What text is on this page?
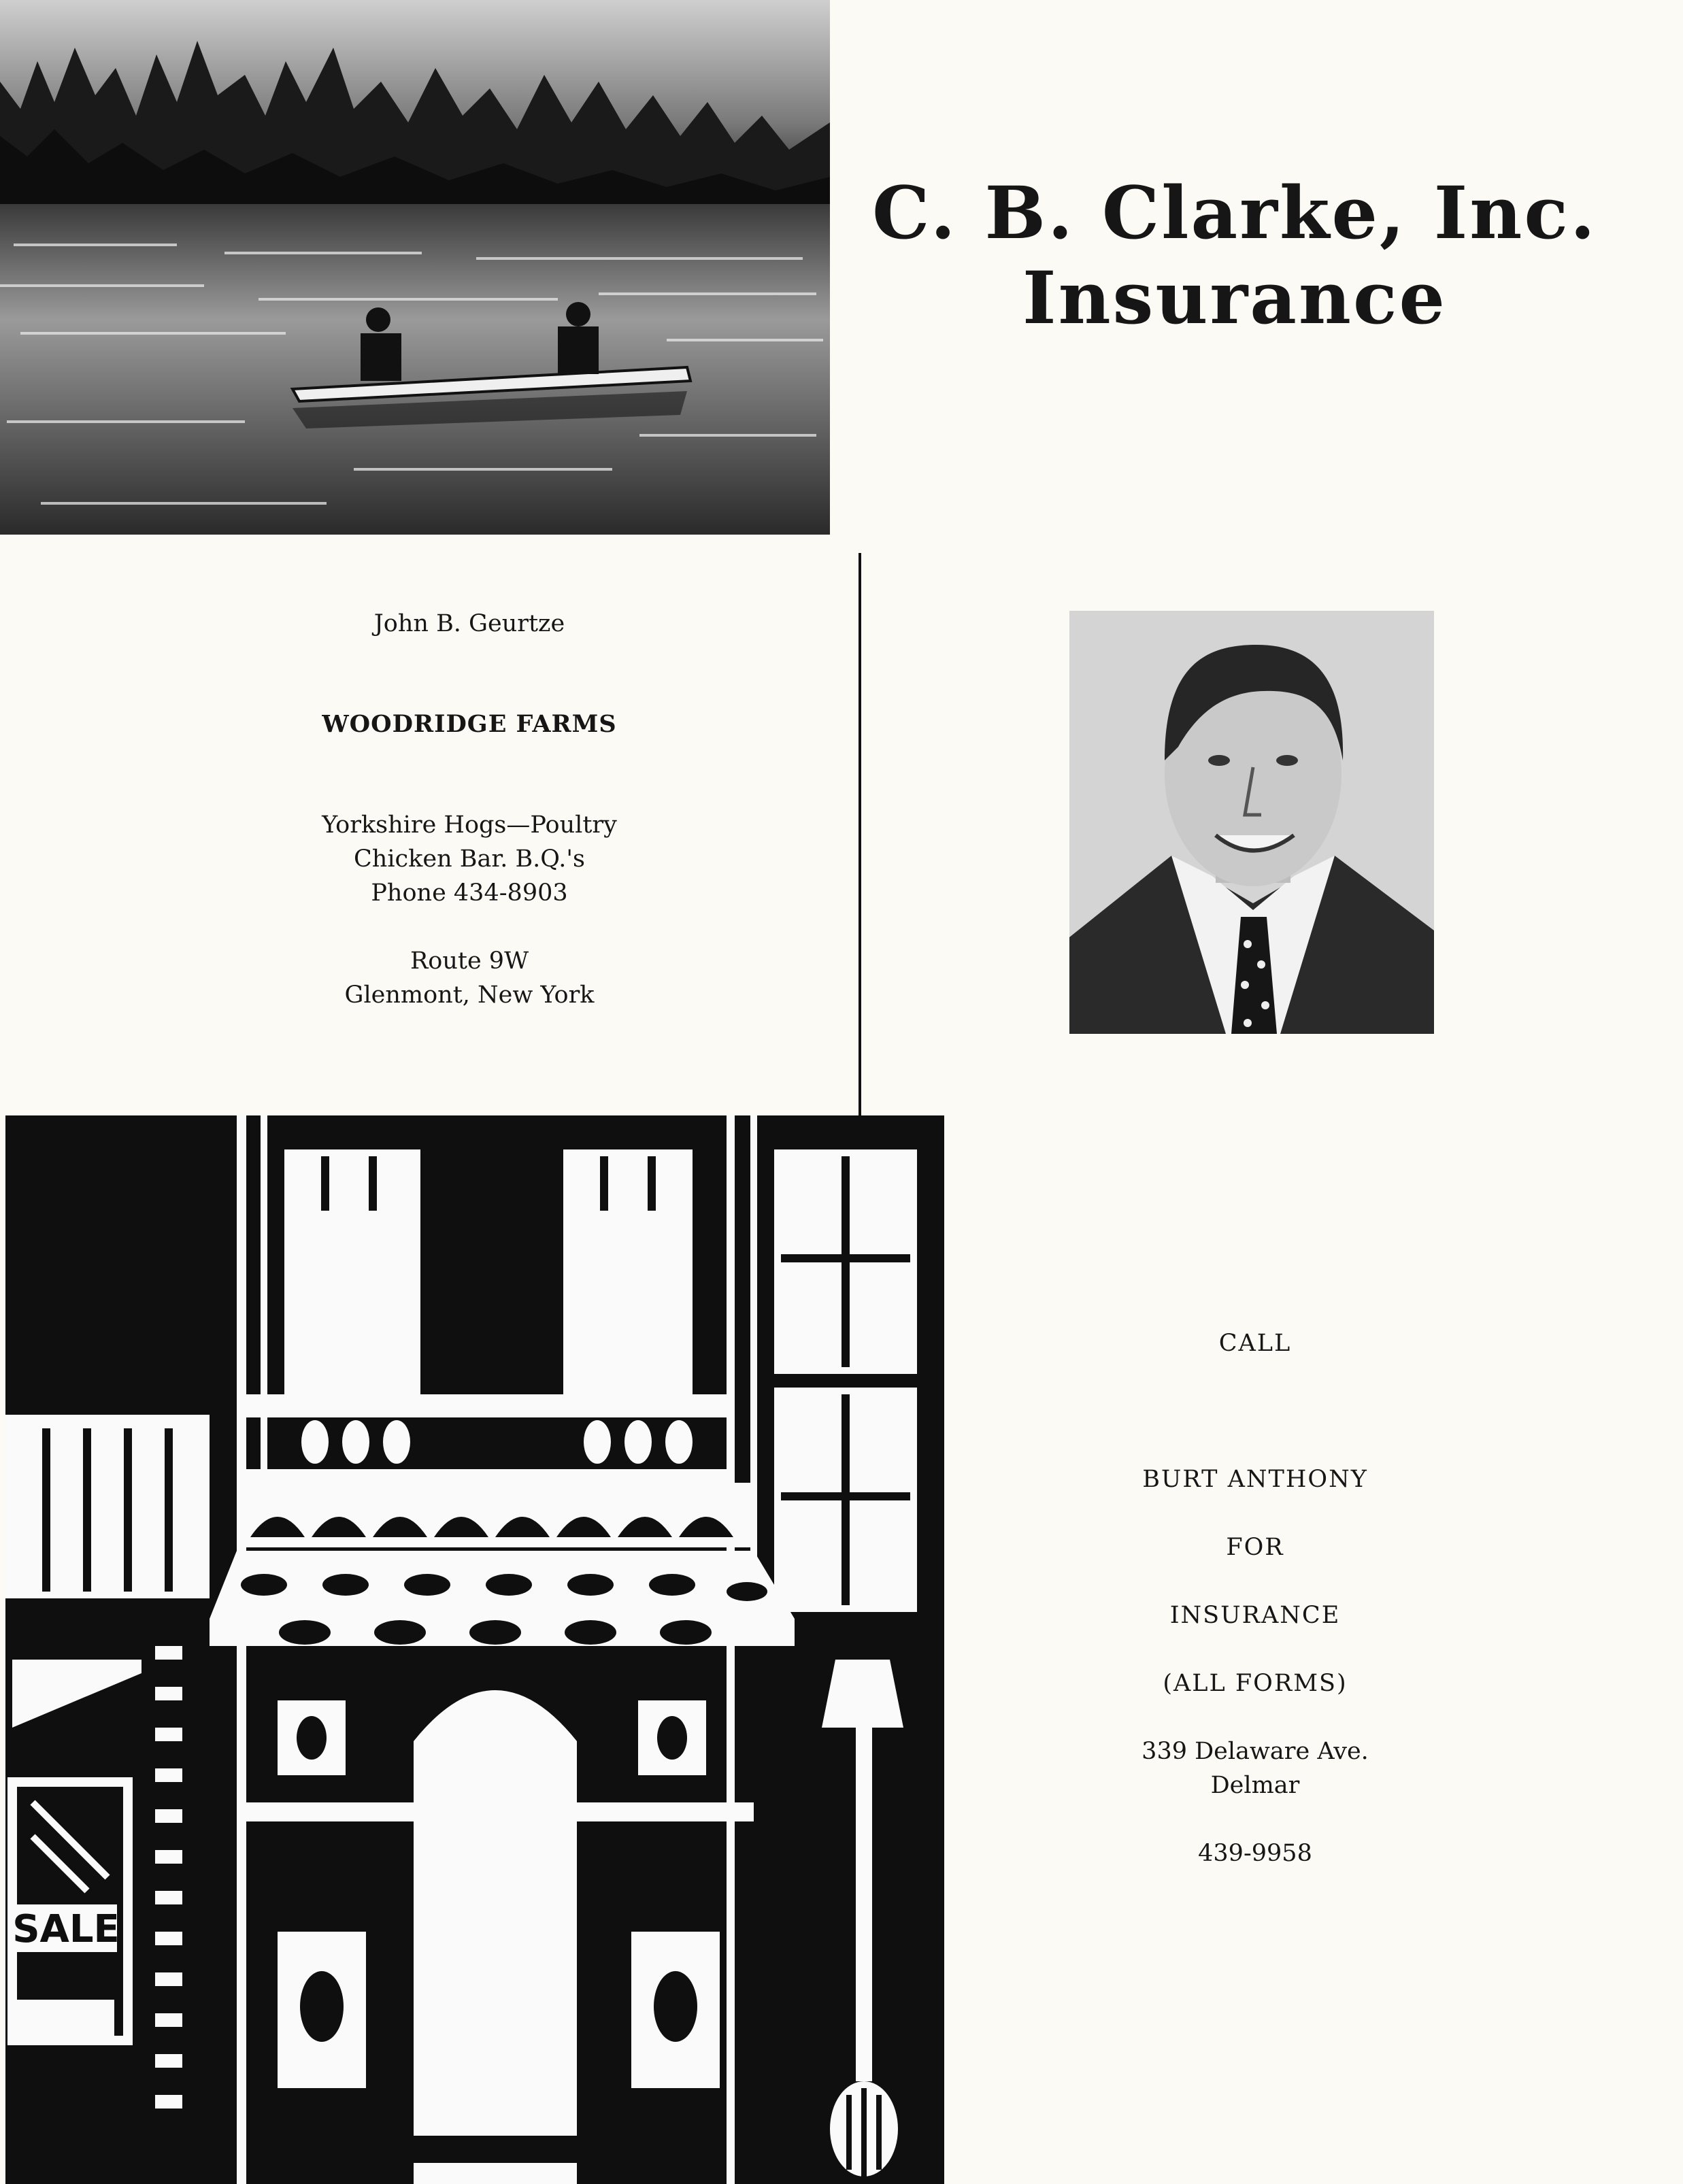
C. B. Clarke, Inc.
Insurance
John B. Geurtze
WOODRIDGE FARMS
Yorkshire Hogs—Poultry
Chicken Bar. B.Q.'s
Phone 434-8903
Route 9W
Glenmont, New York
SALE
CALL
BURT ANTHONY
FOR
INSURANCE
(ALL FORMS)
339 Delaware Ave.
Delmar
439-9958
